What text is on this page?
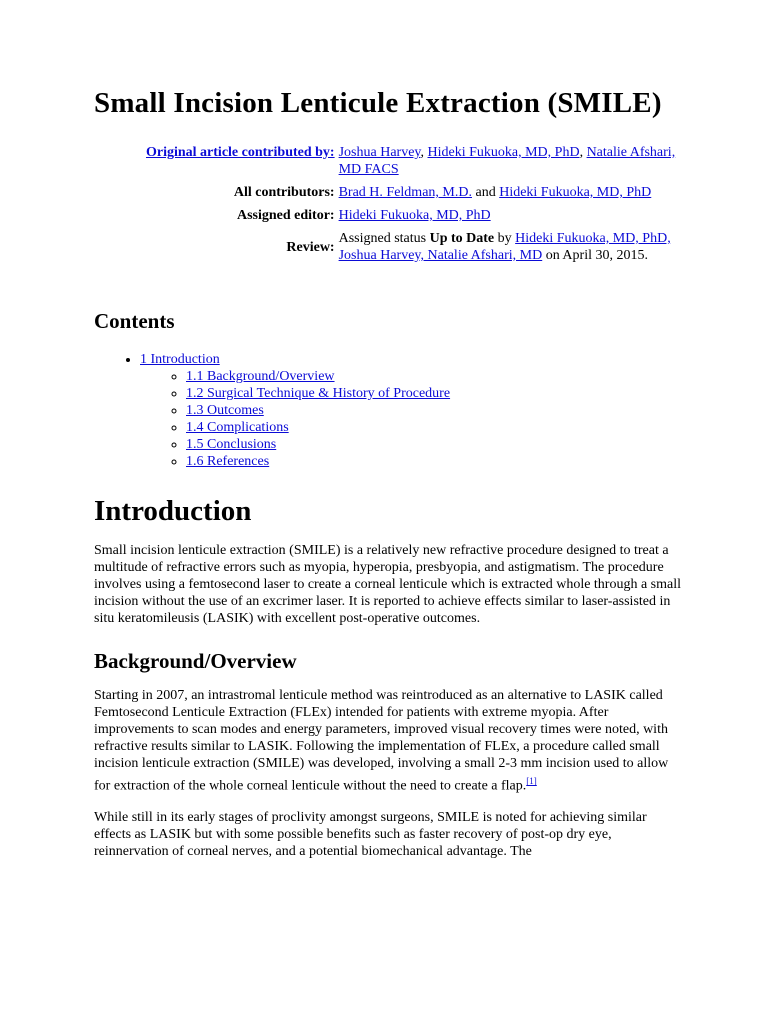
Small Incision Lenticule Extraction (SMILE)
Original article contributed by:	Joshua Harvey, Hideki Fukuoka, MD, PhD, Natalie Afshari, MD FACS
All contributors:	Brad H. Feldman, M.D. and Hideki Fukuoka, MD, PhD
Assigned editor:	Hideki Fukuoka, MD, PhD
Review:	Assigned status Up to Date by Hideki Fukuoka, MD, PhD, Joshua Harvey, Natalie Afshari, MD on April 30, 2015.
Contents
• 1 Introduction
◦ 1.1 Background/Overview
◦ 1.2 Surgical Technique & History of Procedure
◦ 1.3 Outcomes
◦ 1.4 Complications
◦ 1.5 Conclusions
◦ 1.6 References
Introduction

Small incision lenticule extraction (SMILE) is a relatively new refractive procedure designed to treat a multitude of refractive errors such as myopia, hyperopia, presbyopia, and astigmatism. The procedure involves using a femtosecond laser to create a corneal lenticule which is extracted whole through a small incision without the use of an excrimer laser. It is reported to achieve effects similar to laser-assisted in situ keratomileusis (LASIK) with excellent post-operative outcomes.

Background/Overview

Starting in 2007, an intrastromal lenticule method was reintroduced as an alternative to LASIK called Femtosecond Lenticule Extraction (FLEx) intended for patients with extreme myopia. After improvements to scan modes and energy parameters, improved visual recovery times were noted, with refractive results similar to LASIK. Following the implementation of FLEx, a procedure called small incision lenticule extraction (SMILE) was developed, involving a small 2-3 mm incision used to allow for extraction of the whole corneal lenticule without the need to create a flap.[1]

While still in its early stages of proclivity amongst surgeons, SMILE is noted for achieving similar effects as LASIK but with some possible benefits such as faster recovery of post-op dry eye, reinnervation of corneal nerves, and a potential biomechanical advantage. The
